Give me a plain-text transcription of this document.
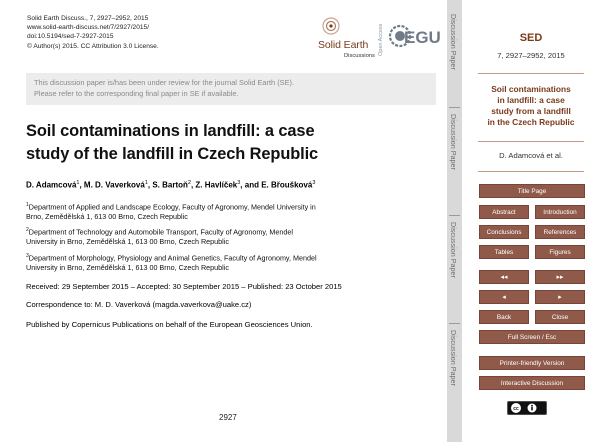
Solid Earth Discuss., 7, 2927–2952, 2015
www.solid-earth-discuss.net/7/2927/2015/
doi:10.5194/sed-7-2927-2015
© Author(s) 2015. CC Attribution 3.0 License.	Solid Earth
Discussions Open Access EGU
This discussion paper is/has been under review for the journal Solid Earth (SE).
Please refer to the corresponding final paper in SE if available.
Soil contaminations in landfill: a case
study of the landfill in Czech Republic
D. Adamcová$^1$, M. D. Vaverková$^1$, S. Bartoň$^2$, Z. Havlíček$^3$, and E. Břoušková$^3$
$^1$Department of Applied and Landscape Ecology, Faculty of Agronomy, Mendel University in
Brno, Zemědělská 1, 613 00 Brno, Czech Republic
$^2$Department of Technology and Automobile Transport, Faculty of Agronomy, Mendel
University in Brno, Zemědělská 1, 613 00 Brno, Czech Republic
$^3$Department of Morphology, Physiology and Animal Genetics, Faculty of Agronomy, Mendel
University in Brno, Zemědělská 1, 613 00 Brno, Czech Republic
Received: 29 September 2015 – Accepted: 30 September 2015 – Published: 23 October 2015
Correspondence to: M. D. Vaverková (magda.vaverkova@uake.cz)
Published by Copernicus Publications on behalf of the European Geosciences Union.
2927
Discussion Paper
Discussion Paper
Discussion Paper
Discussion Paper
SED
7, 2927–2952, 2015
Soil contaminations
in landfill: a case
study from a landfill
in the Czech Republic
D. Adamcová et al.
Title Page
Abstract	Introduction
Conclusions	References
Tables	Figures
◂◂	▸▸
◂	▸
Back	Close
Full Screen / Esc
Printer-friendly Version
Interactive Discussion
cc
